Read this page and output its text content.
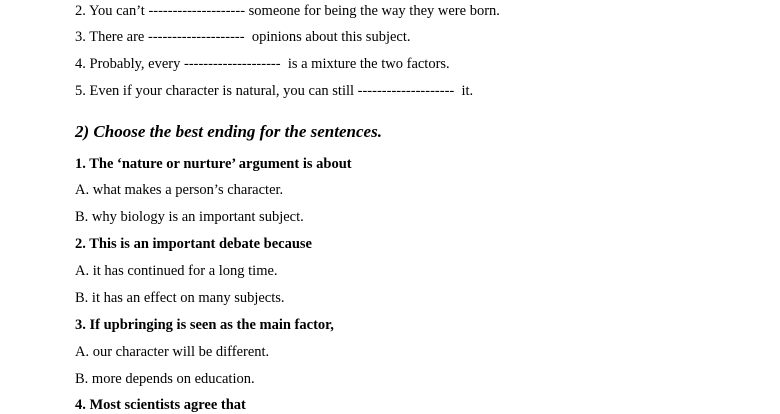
2. You can’t -------------------- someone for being the way they were born.
3. There are --------------------  opinions about this subject.
4. Probably, every --------------------  is a mixture the two factors.
5. Even if your character is natural, you can still --------------------  it.
2) Choose the best ending for the sentences.
1. The ‘nature or nurture’ argument is about
A. what makes a person’s character.
B. why biology is an important subject.
2. This is an important debate because
A. it has continued for a long time.
B. it has an effect on many subjects.
3. If upbringing is seen as the main factor,
A. our character will be different.
B. more depends on education.
4. Most scientists agree that
